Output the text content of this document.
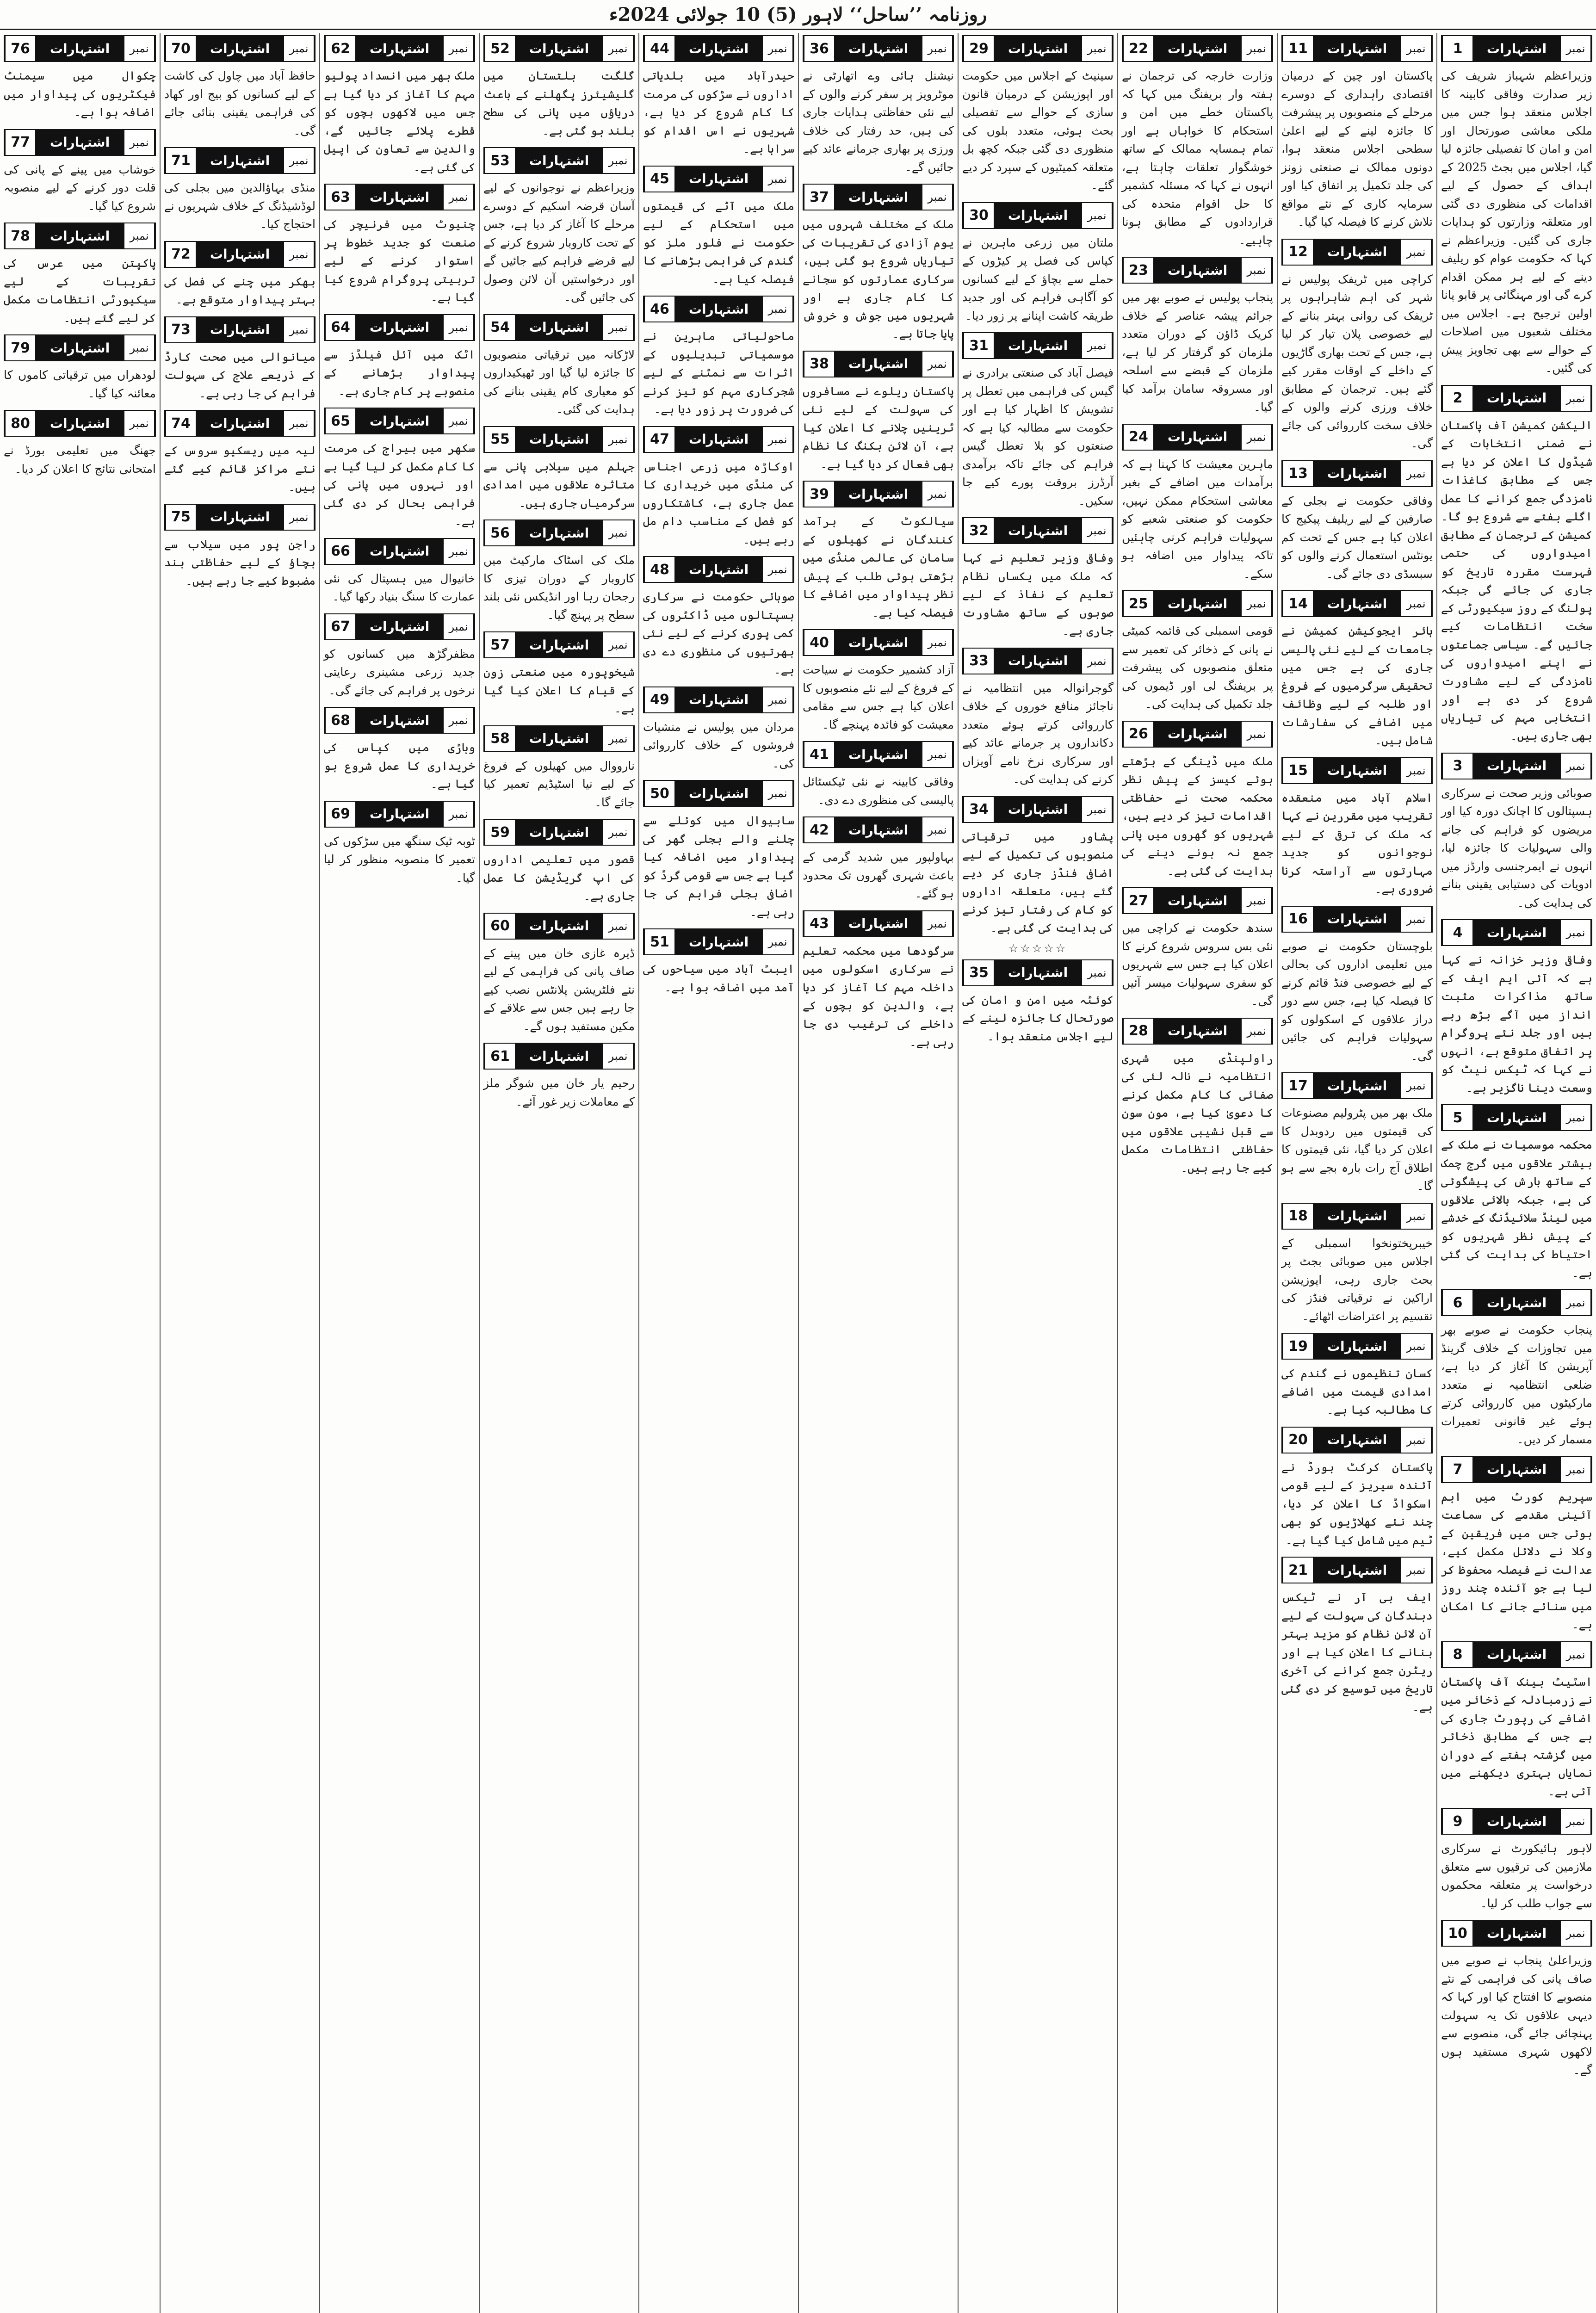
روزنامہ ’’ساحل‘‘ لاہور (5) 10 جولائی 2024ء
1	اشتہارات	نمبر

وزیراعظم شہباز شریف کی زیر صدارت وفاقی کابینہ کا اجلاس منعقد ہوا جس میں ملکی معاشی صورتحال اور امن و امان کا تفصیلی جائزہ لیا گیا، اجلاس میں بجٹ 2025 کے اہداف کے حصول کے لیے اقدامات کی منظوری دی گئی اور متعلقہ وزارتوں کو ہدایات جاری کی گئیں۔ وزیراعظم نے کہا کہ حکومت عوام کو ریلیف دینے کے لیے ہر ممکن اقدام کرے گی اور مہنگائی پر قابو پانا اولین ترجیح ہے۔ اجلاس میں مختلف شعبوں میں اصلاحات کے حوالے سے بھی تجاویز پیش کی گئیں۔

2	اشتہارات	نمبر

الیکشن کمیشن آف پاکستان نے ضمنی انتخابات کے شیڈول کا اعلان کر دیا ہے جس کے مطابق کاغذات نامزدگی جمع کرانے کا عمل اگلے ہفتے سے شروع ہو گا۔ کمیشن کے ترجمان کے مطابق امیدواروں کی حتمی فہرست مقررہ تاریخ کو جاری کی جائے گی جبکہ پولنگ کے روز سیکیورٹی کے سخت انتظامات کیے جائیں گے۔ سیاسی جماعتوں نے اپنے امیدواروں کی نامزدگی کے لیے مشاورت شروع کر دی ہے اور انتخابی مہم کی تیاریاں بھی جاری ہیں۔

3	اشتہارات	نمبر

صوبائی وزیر صحت نے سرکاری ہسپتالوں کا اچانک دورہ کیا اور مریضوں کو فراہم کی جانے والی سہولیات کا جائزہ لیا، انہوں نے ایمرجنسی وارڈز میں ادویات کی دستیابی یقینی بنانے کی ہدایت کی۔

4	اشتہارات	نمبر

وفاقی وزیر خزانہ نے کہا ہے کہ آئی ایم ایف کے ساتھ مذاکرات مثبت انداز میں آگے بڑھ رہے ہیں اور جلد نئے پروگرام پر اتفاق متوقع ہے، انہوں نے کہا کہ ٹیکس نیٹ کو وسعت دینا ناگزیر ہے۔

5	اشتہارات	نمبر

محکمہ موسمیات نے ملک کے بیشتر علاقوں میں گرج چمک کے ساتھ بارش کی پیشگوئی کی ہے، جبکہ بالائی علاقوں میں لینڈ سلائیڈنگ کے خدشے کے پیش نظر شہریوں کو احتیاط کی ہدایت کی گئی ہے۔

6	اشتہارات	نمبر

پنجاب حکومت نے صوبے بھر میں تجاوزات کے خلاف گرینڈ آپریشن کا آغاز کر دیا ہے، ضلعی انتظامیہ نے متعدد مارکیٹوں میں کارروائی کرتے ہوئے غیر قانونی تعمیرات مسمار کر دیں۔

7	اشتہارات	نمبر

سپریم کورٹ میں اہم آئینی مقدمے کی سماعت ہوئی جس میں فریقین کے وکلا نے دلائل مکمل کیے، عدالت نے فیصلہ محفوظ کر لیا ہے جو آئندہ چند روز میں سنائے جانے کا امکان ہے۔

8	اشتہارات	نمبر

اسٹیٹ بینک آف پاکستان نے زرمبادلہ کے ذخائر میں اضافے کی رپورٹ جاری کی ہے جس کے مطابق ذخائر میں گزشتہ ہفتے کے دوران نمایاں بہتری دیکھنے میں آئی ہے۔

9	اشتہارات	نمبر

لاہور ہائیکورٹ نے سرکاری ملازمین کی ترقیوں سے متعلق درخواست پر متعلقہ محکموں سے جواب طلب کر لیا۔

10	اشتہارات	نمبر

وزیراعلیٰ پنجاب نے صوبے میں صاف پانی کی فراہمی کے نئے منصوبے کا افتتاح کیا اور کہا کہ دیہی علاقوں تک یہ سہولت پہنچائی جائے گی، منصوبے سے لاکھوں شہری مستفید ہوں گے۔

11	اشتہارات	نمبر

پاکستان اور چین کے درمیان اقتصادی راہداری کے دوسرے مرحلے کے منصوبوں پر پیشرفت کا جائزہ لینے کے لیے اعلیٰ سطحی اجلاس منعقد ہوا، دونوں ممالک نے صنعتی زونز کی جلد تکمیل پر اتفاق کیا اور سرمایہ کاری کے نئے مواقع تلاش کرنے کا فیصلہ کیا گیا۔

12	اشتہارات	نمبر

کراچی میں ٹریفک پولیس نے شہر کی اہم شاہراہوں پر ٹریفک کی روانی بہتر بنانے کے لیے خصوصی پلان تیار کر لیا ہے، جس کے تحت بھاری گاڑیوں کے داخلے کے اوقات مقرر کیے گئے ہیں۔ ترجمان کے مطابق خلاف ورزی کرنے والوں کے خلاف سخت کارروائی کی جائے گی۔

13	اشتہارات	نمبر

وفاقی حکومت نے بجلی کے صارفین کے لیے ریلیف پیکیج کا اعلان کیا ہے جس کے تحت کم یونٹس استعمال کرنے والوں کو سبسڈی دی جائے گی۔

14	اشتہارات	نمبر

ہائر ایجوکیشن کمیشن نے جامعات کے لیے نئی پالیسی جاری کی ہے جس میں تحقیقی سرگرمیوں کے فروغ اور طلبہ کے لیے وظائف میں اضافے کی سفارشات شامل ہیں۔

15	اشتہارات	نمبر

اسلام آباد میں منعقدہ تقریب میں مقررین نے کہا کہ ملک کی ترقی کے لیے نوجوانوں کو جدید مہارتوں سے آراستہ کرنا ضروری ہے۔

16	اشتہارات	نمبر

بلوچستان حکومت نے صوبے میں تعلیمی اداروں کی بحالی کے لیے خصوصی فنڈ قائم کرنے کا فیصلہ کیا ہے، جس سے دور دراز علاقوں کے اسکولوں کو سہولیات فراہم کی جائیں گی۔

17	اشتہارات	نمبر

ملک بھر میں پٹرولیم مصنوعات کی قیمتوں میں ردوبدل کا اعلان کر دیا گیا، نئی قیمتوں کا اطلاق آج رات بارہ بجے سے ہو گا۔

18	اشتہارات	نمبر

خیبرپختونخوا اسمبلی کے اجلاس میں صوبائی بجٹ پر بحث جاری رہی، اپوزیشن اراکین نے ترقیاتی فنڈز کی تقسیم پر اعتراضات اٹھائے۔

19	اشتہارات	نمبر

کسان تنظیموں نے گندم کی امدادی قیمت میں اضافے کا مطالبہ کیا ہے۔

20	اشتہارات	نمبر

پاکستان کرکٹ بورڈ نے آئندہ سیریز کے لیے قومی اسکواڈ کا اعلان کر دیا، چند نئے کھلاڑیوں کو بھی ٹیم میں شامل کیا گیا ہے۔

21	اشتہارات	نمبر

ایف بی آر نے ٹیکس دہندگان کی سہولت کے لیے آن لائن نظام کو مزید بہتر بنانے کا اعلان کیا ہے اور ریٹرن جمع کرانے کی آخری تاریخ میں توسیع کر دی گئی ہے۔

22	اشتہارات	نمبر

وزارت خارجہ کی ترجمان نے ہفتہ وار بریفنگ میں کہا کہ پاکستان خطے میں امن و استحکام کا خواہاں ہے اور تمام ہمسایہ ممالک کے ساتھ خوشگوار تعلقات چاہتا ہے، انہوں نے کہا کہ مسئلہ کشمیر کا حل اقوام متحدہ کی قراردادوں کے مطابق ہونا چاہیے۔

23	اشتہارات	نمبر

پنجاب پولیس نے صوبے بھر میں جرائم پیشہ عناصر کے خلاف کریک ڈاؤن کے دوران متعدد ملزمان کو گرفتار کر لیا ہے، ملزمان کے قبضے سے اسلحہ اور مسروقہ سامان برآمد کیا گیا۔

24	اشتہارات	نمبر

ماہرین معیشت کا کہنا ہے کہ برآمدات میں اضافے کے بغیر معاشی استحکام ممکن نہیں، حکومت کو صنعتی شعبے کو سہولیات فراہم کرنی چاہئیں تاکہ پیداوار میں اضافہ ہو سکے۔

25	اشتہارات	نمبر

قومی اسمبلی کی قائمہ کمیٹی نے پانی کے ذخائر کی تعمیر سے متعلق منصوبوں کی پیشرفت پر بریفنگ لی اور ڈیموں کی جلد تکمیل کی ہدایت کی۔

26	اشتہارات	نمبر

ملک میں ڈینگی کے بڑھتے ہوئے کیسز کے پیش نظر محکمہ صحت نے حفاظتی اقدامات تیز کر دیے ہیں، شہریوں کو گھروں میں پانی جمع نہ ہونے دینے کی ہدایت کی گئی ہے۔

27	اشتہارات	نمبر

سندھ حکومت نے کراچی میں نئی بس سروس شروع کرنے کا اعلان کیا ہے جس سے شہریوں کو سفری سہولیات میسر آئیں گی۔

28	اشتہارات	نمبر

راولپنڈی میں شہری انتظامیہ نے نالہ لئی کی صفائی کا کام مکمل کرنے کا دعویٰ کیا ہے، مون سون سے قبل نشیبی علاقوں میں حفاظتی انتظامات مکمل کیے جا رہے ہیں۔

29	اشتہارات	نمبر

سینیٹ کے اجلاس میں حکومت اور اپوزیشن کے درمیان قانون سازی کے حوالے سے تفصیلی بحث ہوئی، متعدد بلوں کی منظوری دی گئی جبکہ کچھ بل متعلقہ کمیٹیوں کے سپرد کر دیے گئے۔

30	اشتہارات	نمبر

ملتان میں زرعی ماہرین نے کپاس کی فصل پر کیڑوں کے حملے سے بچاؤ کے لیے کسانوں کو آگاہی فراہم کی اور جدید طریقہ کاشت اپنانے پر زور دیا۔

31	اشتہارات	نمبر

فیصل آباد کی صنعتی برادری نے گیس کی فراہمی میں تعطل پر تشویش کا اظہار کیا ہے اور حکومت سے مطالبہ کیا ہے کہ صنعتوں کو بلا تعطل گیس فراہم کی جائے تاکہ برآمدی آرڈرز بروقت پورے کیے جا سکیں۔

32	اشتہارات	نمبر

وفاقی وزیر تعلیم نے کہا کہ ملک میں یکساں نظام تعلیم کے نفاذ کے لیے صوبوں کے ساتھ مشاورت جاری ہے۔

33	اشتہارات	نمبر

گوجرانوالہ میں انتظامیہ نے ناجائز منافع خوروں کے خلاف کارروائی کرتے ہوئے متعدد دکانداروں پر جرمانے عائد کیے اور سرکاری نرخ نامے آویزاں کرنے کی ہدایت کی۔

34	اشتہارات	نمبر

پشاور میں ترقیاتی منصوبوں کی تکمیل کے لیے اضافی فنڈز جاری کر دیے گئے ہیں، متعلقہ اداروں کو کام کی رفتار تیز کرنے کی ہدایت کی گئی ہے۔

☆☆☆☆☆
35	اشتہارات	نمبر

کوئٹہ میں امن و امان کی صورتحال کا جائزہ لینے کے لیے اجلاس منعقد ہوا۔

36	اشتہارات	نمبر

نیشنل ہائی وے اتھارٹی نے موٹرویز پر سفر کرنے والوں کے لیے نئی حفاظتی ہدایات جاری کی ہیں، حد رفتار کی خلاف ورزی پر بھاری جرمانے عائد کیے جائیں گے۔

37	اشتہارات	نمبر

ملک کے مختلف شہروں میں یوم آزادی کی تقریبات کی تیاریاں شروع ہو گئی ہیں، سرکاری عمارتوں کو سجانے کا کام جاری ہے اور شہریوں میں جوش و خروش پایا جاتا ہے۔

38	اشتہارات	نمبر

پاکستان ریلوے نے مسافروں کی سہولت کے لیے نئی ٹرینیں چلانے کا اعلان کیا ہے، آن لائن بکنگ کا نظام بھی فعال کر دیا گیا ہے۔

39	اشتہارات	نمبر

سیالکوٹ کے برآمد کنندگان نے کھیلوں کے سامان کی عالمی منڈی میں بڑھتی ہوئی طلب کے پیش نظر پیداوار میں اضافے کا فیصلہ کیا ہے۔

40	اشتہارات	نمبر

آزاد کشمیر حکومت نے سیاحت کے فروغ کے لیے نئے منصوبوں کا اعلان کیا ہے جس سے مقامی معیشت کو فائدہ پہنچے گا۔

41	اشتہارات	نمبر

وفاقی کابینہ نے نئی ٹیکسٹائل پالیسی کی منظوری دے دی۔

42	اشتہارات	نمبر

بہاولپور میں شدید گرمی کے باعث شہری گھروں تک محدود ہو گئے۔

43	اشتہارات	نمبر

سرگودھا میں محکمہ تعلیم نے سرکاری اسکولوں میں داخلہ مہم کا آغاز کر دیا ہے، والدین کو بچوں کے داخلے کی ترغیب دی جا رہی ہے۔

44	اشتہارات	نمبر

حیدرآباد میں بلدیاتی اداروں نے سڑکوں کی مرمت کا کام شروع کر دیا ہے، شہریوں نے اس اقدام کو سراہا ہے۔

45	اشتہارات	نمبر

ملک میں آٹے کی قیمتوں میں استحکام کے لیے حکومت نے فلور ملز کو گندم کی فراہمی بڑھانے کا فیصلہ کیا ہے۔

46	اشتہارات	نمبر

ماحولیاتی ماہرین نے موسمیاتی تبدیلیوں کے اثرات سے نمٹنے کے لیے شجرکاری مہم کو تیز کرنے کی ضرورت پر زور دیا ہے۔

47	اشتہارات	نمبر

اوکاڑہ میں زرعی اجناس کی منڈی میں خریداری کا عمل جاری ہے، کاشتکاروں کو فصل کے مناسب دام مل رہے ہیں۔

48	اشتہارات	نمبر

صوبائی حکومت نے سرکاری ہسپتالوں میں ڈاکٹروں کی کمی پوری کرنے کے لیے نئی بھرتیوں کی منظوری دے دی ہے۔

49	اشتہارات	نمبر

مردان میں پولیس نے منشیات فروشوں کے خلاف کارروائی کی۔

50	اشتہارات	نمبر

ساہیوال میں کوئلے سے چلنے والے بجلی گھر کی پیداوار میں اضافہ کیا گیا ہے جس سے قومی گرڈ کو اضافی بجلی فراہم کی جا رہی ہے۔

51	اشتہارات	نمبر

ایبٹ آباد میں سیاحوں کی آمد میں اضافہ ہوا ہے۔

52	اشتہارات	نمبر

گلگت بلتستان میں گلیشیئرز پگھلنے کے باعث دریاؤں میں پانی کی سطح بلند ہو گئی ہے۔

53	اشتہارات	نمبر

وزیراعظم نے نوجوانوں کے لیے آسان قرضہ اسکیم کے دوسرے مرحلے کا آغاز کر دیا ہے، جس کے تحت کاروبار شروع کرنے کے لیے قرضے فراہم کیے جائیں گے اور درخواستیں آن لائن وصول کی جائیں گی۔

54	اشتہارات	نمبر

لاڑکانہ میں ترقیاتی منصوبوں کا جائزہ لیا گیا اور ٹھیکیداروں کو معیاری کام یقینی بنانے کی ہدایت کی گئی۔

55	اشتہارات	نمبر

جہلم میں سیلابی پانی سے متاثرہ علاقوں میں امدادی سرگرمیاں جاری ہیں۔

56	اشتہارات	نمبر

ملک کی اسٹاک مارکیٹ میں کاروبار کے دوران تیزی کا رجحان رہا اور انڈیکس نئی بلند سطح پر پہنچ گیا۔

57	اشتہارات	نمبر

شیخوپورہ میں صنعتی زون کے قیام کا اعلان کیا گیا ہے۔

58	اشتہارات	نمبر

نارووال میں کھیلوں کے فروغ کے لیے نیا اسٹیڈیم تعمیر کیا جائے گا۔

59	اشتہارات	نمبر

قصور میں تعلیمی اداروں کی اپ گریڈیشن کا عمل جاری ہے۔

60	اشتہارات	نمبر

ڈیرہ غازی خان میں پینے کے صاف پانی کی فراہمی کے لیے نئے فلٹریشن پلانٹس نصب کیے جا رہے ہیں جس سے علاقے کے مکین مستفید ہوں گے۔

61	اشتہارات	نمبر

رحیم یار خان میں شوگر ملز کے معاملات زیر غور آئے۔

62	اشتہارات	نمبر

ملک بھر میں انسداد پولیو مہم کا آغاز کر دیا گیا ہے جس میں لاکھوں بچوں کو قطرے پلائے جائیں گے، والدین سے تعاون کی اپیل کی گئی ہے۔

63	اشتہارات	نمبر

چنیوٹ میں فرنیچر کی صنعت کو جدید خطوط پر استوار کرنے کے لیے تربیتی پروگرام شروع کیا گیا ہے۔

64	اشتہارات	نمبر

اٹک میں آئل فیلڈز سے پیداوار بڑھانے کے منصوبے پر کام جاری ہے۔

65	اشتہارات	نمبر

سکھر میں بیراج کی مرمت کا کام مکمل کر لیا گیا ہے اور نہروں میں پانی کی فراہمی بحال کر دی گئی ہے۔

66	اشتہارات	نمبر

خانیوال میں ہسپتال کی نئی عمارت کا سنگ بنیاد رکھا گیا۔

67	اشتہارات	نمبر

مظفرگڑھ میں کسانوں کو جدید زرعی مشینری رعایتی نرخوں پر فراہم کی جائے گی۔

68	اشتہارات	نمبر

وہاڑی میں کپاس کی خریداری کا عمل شروع ہو گیا ہے۔

69	اشتہارات	نمبر

ٹوبہ ٹیک سنگھ میں سڑکوں کی تعمیر کا منصوبہ منظور کر لیا گیا۔

70	اشتہارات	نمبر

حافظ آباد میں چاول کی کاشت کے لیے کسانوں کو بیج اور کھاد کی فراہمی یقینی بنائی جائے گی۔

71	اشتہارات	نمبر

منڈی بہاؤالدین میں بجلی کی لوڈشیڈنگ کے خلاف شہریوں نے احتجاج کیا۔

72	اشتہارات	نمبر

بھکر میں چنے کی فصل کی بہتر پیداوار متوقع ہے۔

73	اشتہارات	نمبر

میانوالی میں صحت کارڈ کے ذریعے علاج کی سہولت فراہم کی جا رہی ہے۔

74	اشتہارات	نمبر

لیہ میں ریسکیو سروس کے نئے مراکز قائم کیے گئے ہیں۔

75	اشتہارات	نمبر

راجن پور میں سیلاب سے بچاؤ کے لیے حفاظتی بند مضبوط کیے جا رہے ہیں۔

76	اشتہارات	نمبر

چکوال میں سیمنٹ فیکٹریوں کی پیداوار میں اضافہ ہوا ہے۔

77	اشتہارات	نمبر

خوشاب میں پینے کے پانی کی قلت دور کرنے کے لیے منصوبہ شروع کیا گیا۔

78	اشتہارات	نمبر

پاکپتن میں عرس کی تقریبات کے لیے سیکیورٹی انتظامات مکمل کر لیے گئے ہیں۔

79	اشتہارات	نمبر

لودھراں میں ترقیاتی کاموں کا معائنہ کیا گیا۔

80	اشتہارات	نمبر

جھنگ میں تعلیمی بورڈ نے امتحانی نتائج کا اعلان کر دیا۔
